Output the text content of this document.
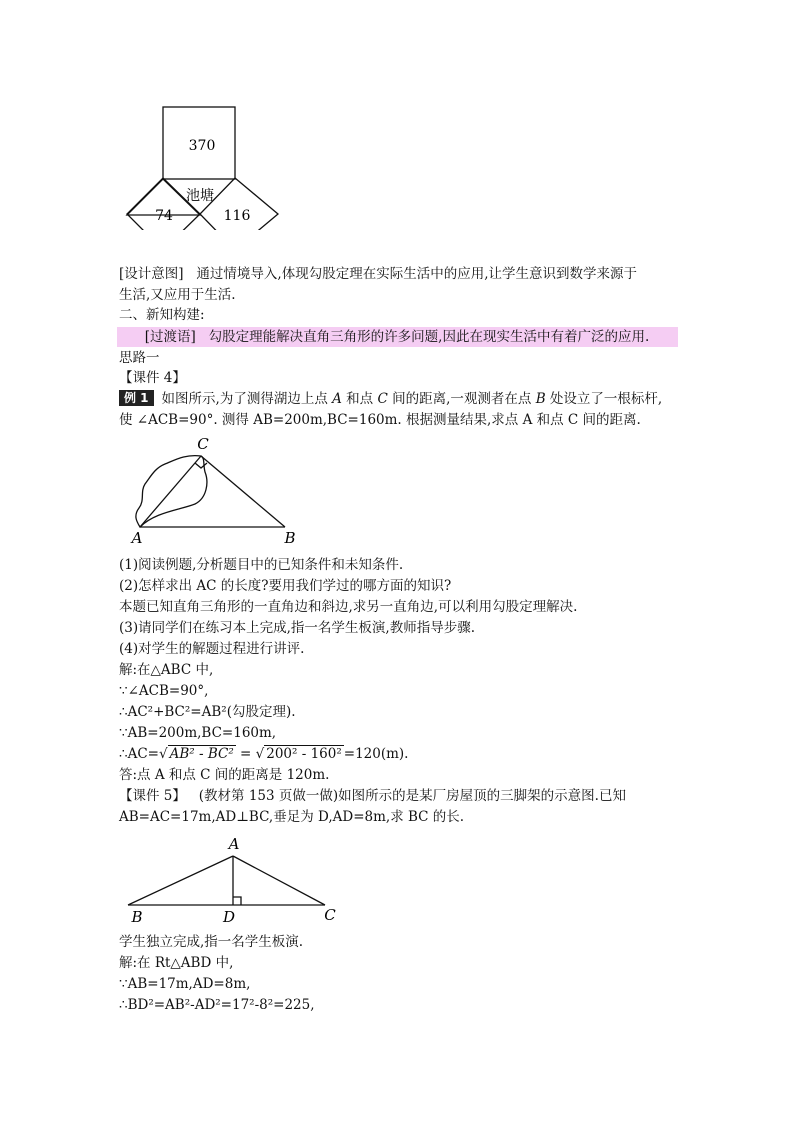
370
池塘
74	116
[设计意图] 通过情境导入,体现勾股定理在实际生活中的应用,让学生意识到数学来源于
生活,又应用于生活.
二、新知构建:
[过渡语] 勾股定理能解决直角三角形的许多问题,因此在现实生活中有着广泛的应用.
思路一
【课件 4】
例 1 如图所示,为了测得湖边上点 A 和点 C 间的距离,一观测者在点 B 处设立了一根标杆,
使 ∠ACB=90°. 测得 AB=200m,BC=160m. 根据测量结果,求点 A 和点 C 间的距离.
C
A	B
(1)阅读例题,分析题目中的已知条件和未知条件.
(2)怎样求出 AC 的长度?要用我们学过的哪方面的知识?
本题已知直角三角形的一直角边和斜边,求另一直角边,可以利用勾股定理解决.
(3)请同学们在练习本上完成,指一名学生板演,教师指导步骤.
(4)对学生的解题过程进行讲评.
解:在△ABC 中,
∵∠ACB=90°,
∴AC²+BC²=AB²(勾股定理).
∵AB=200m,BC=160m,
∴AC=√ AB² - BC² = √ 200² - 160² =120(m).
答:点 A 和点 C 间的距离是 120m.
【课件 5】 (教材第 153 页做一做)如图所示的是某厂房屋顶的三脚架的示意图.已知
AB=AC=17m,AD⊥BC,垂足为 D,AD=8m,求 BC 的长.
A
B	D	C
学生独立完成,指一名学生板演.
解:在 Rt△ABD 中,
∵AB=17m,AD=8m,
∴BD²=AB²-AD²=17²-8²=225,
